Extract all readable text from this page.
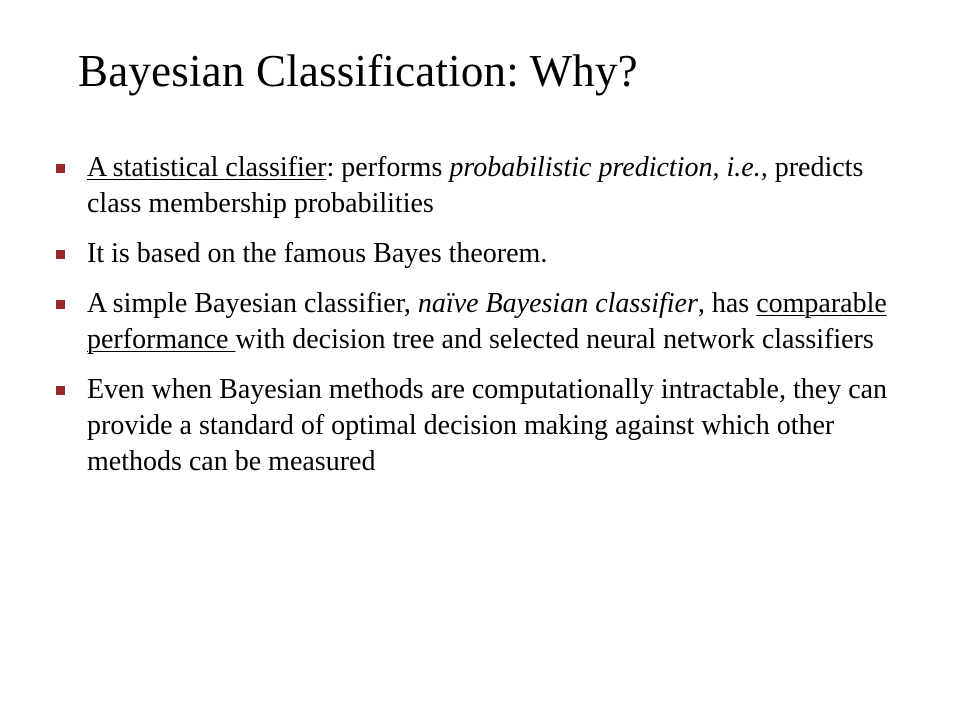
Bayesian Classification: Why?
A statistical classifier: performs probabilistic prediction, i.e., predicts class membership probabilities
It is based on the famous Bayes theorem.
A simple Bayesian classifier, naïve Bayesian classifier, has comparable performance with decision tree and selected neural network classifiers
Even when Bayesian methods are computationally intractable, they can provide a standard of optimal decision making against which other methods can be measured
